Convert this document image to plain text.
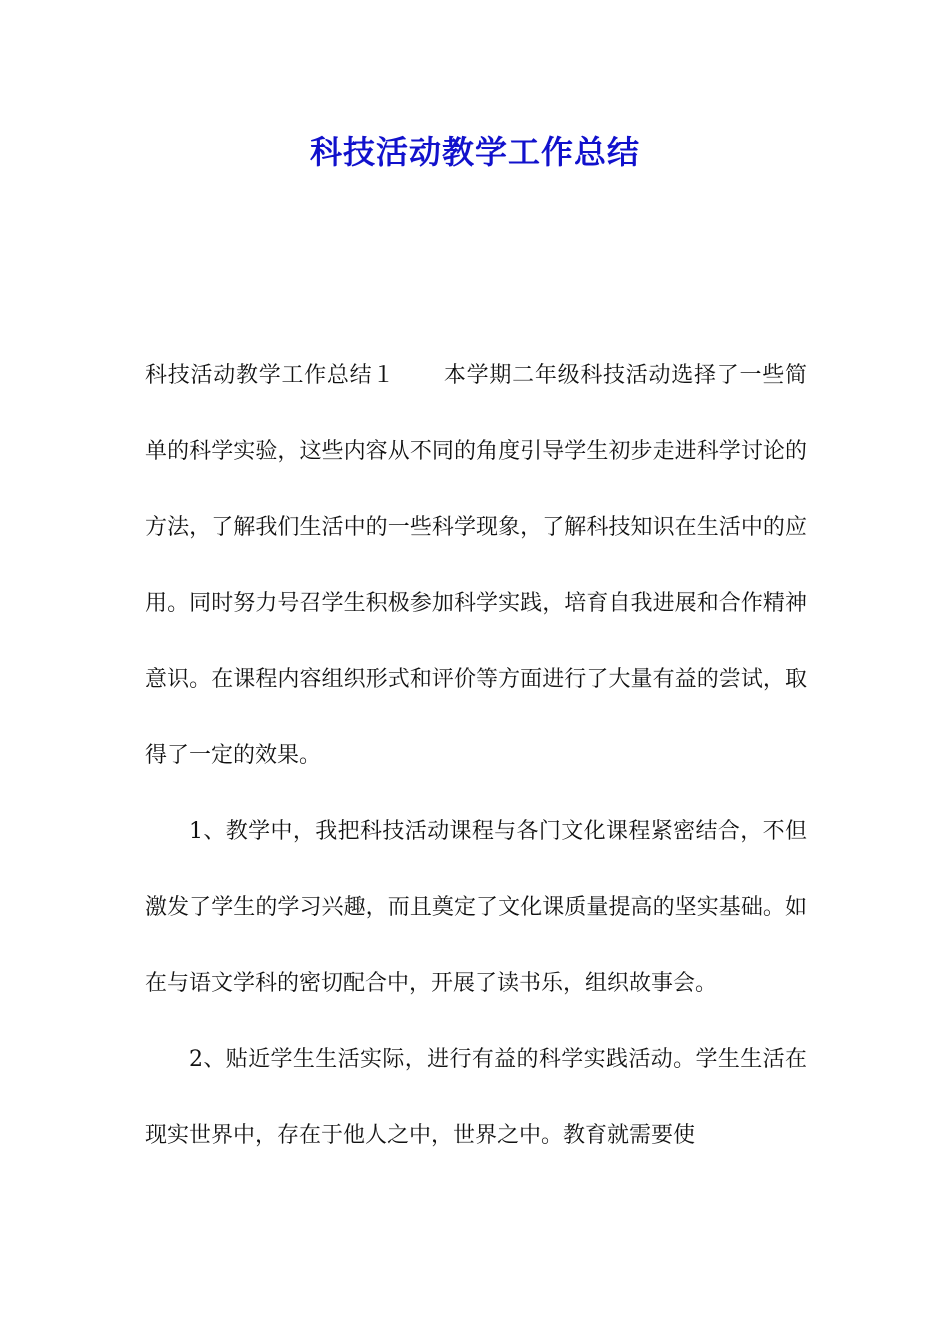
科技活动教学工作总结

科技活动教学工作总结１ 本学期二年级科技活动选择了一些简单的科学实验，这些内容从不同的角度引导学生初步走进科学讨论的方法，了解我们生活中的一些科学现象，了解科技知识在生活中的应用。同时努力号召学生积极参加科学实践，培育自我进展和合作精神意识。在课程内容组织形式和评价等方面进行了大量有益的尝试，取得了一定的效果。

1、教学中，我把科技活动课程与各门文化课程紧密结合，不但激发了学生的学习兴趣，而且奠定了文化课质量提高的坚实基础。如在与语文学科的密切配合中，开展了读书乐，组织故事会。

2、贴近学生生活实际，进行有益的科学实践活动。学生生活在现实世界中，存在于他人之中，世界之中。教育就需要使
